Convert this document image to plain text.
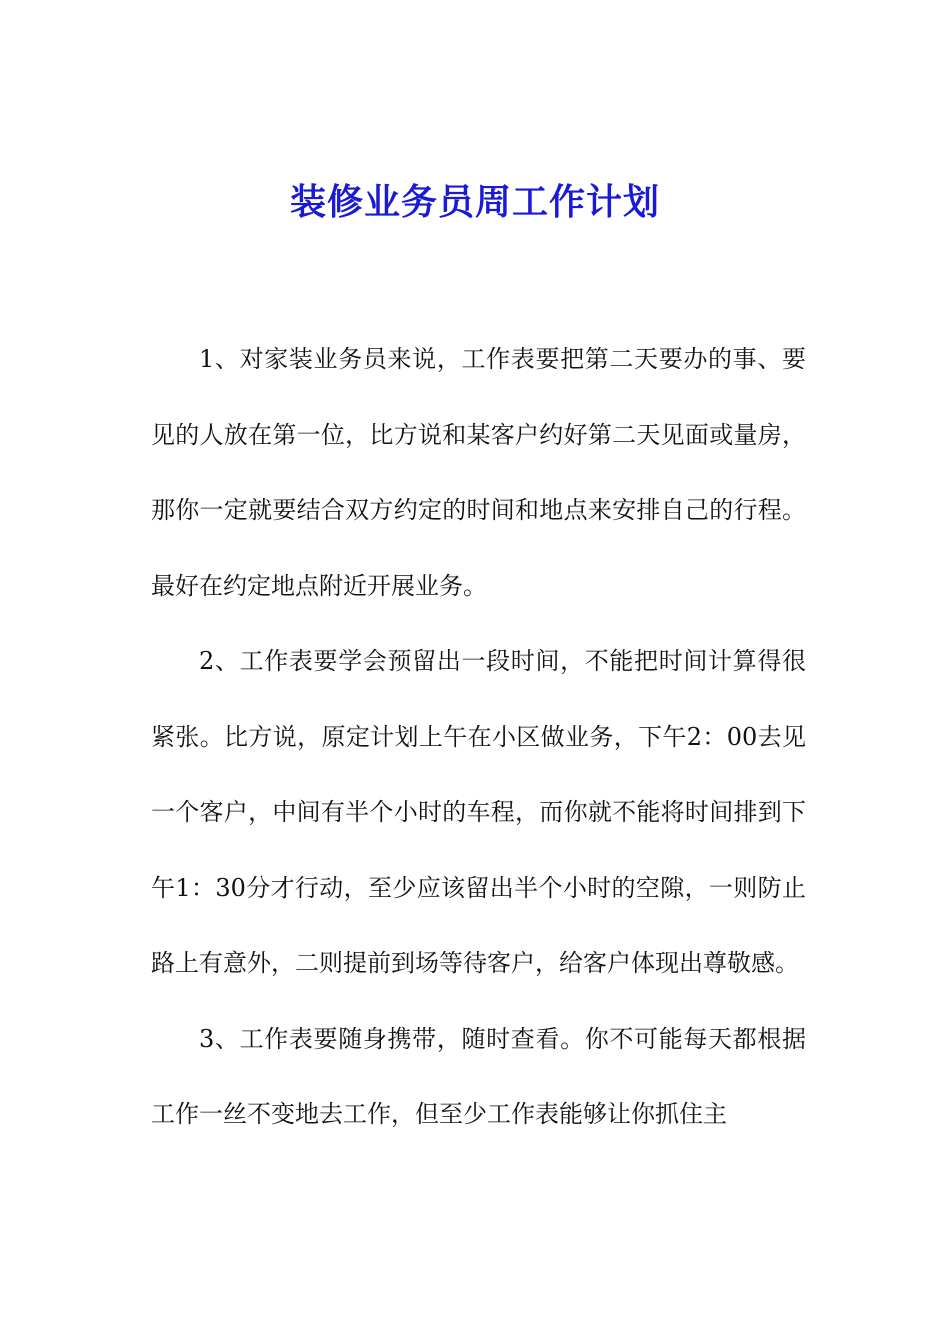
装修业务员周工作计划

1、对家装业务员来说，工作表要把第二天要办的事、要见的人放在第一位，比方说和某客户约好第二天见面或量房，那你一定就要结合双方约定的时间和地点来安排自己的行程。最好在约定地点附近开展业务。

2、工作表要学会预留出一段时间，不能把时间计算得很紧张。比方说，原定计划上午在小区做业务，下午2：00去见一个客户，中间有半个小时的车程，而你就不能将时间排到下午1：30分才行动，至少应该留出半个小时的空隙，一则防止路上有意外，二则提前到场等待客户，给客户体现出尊敬感。

3、工作表要随身携带，随时查看。你不可能每天都根据工作一丝不变地去工作，但至少工作表能够让你抓住主
